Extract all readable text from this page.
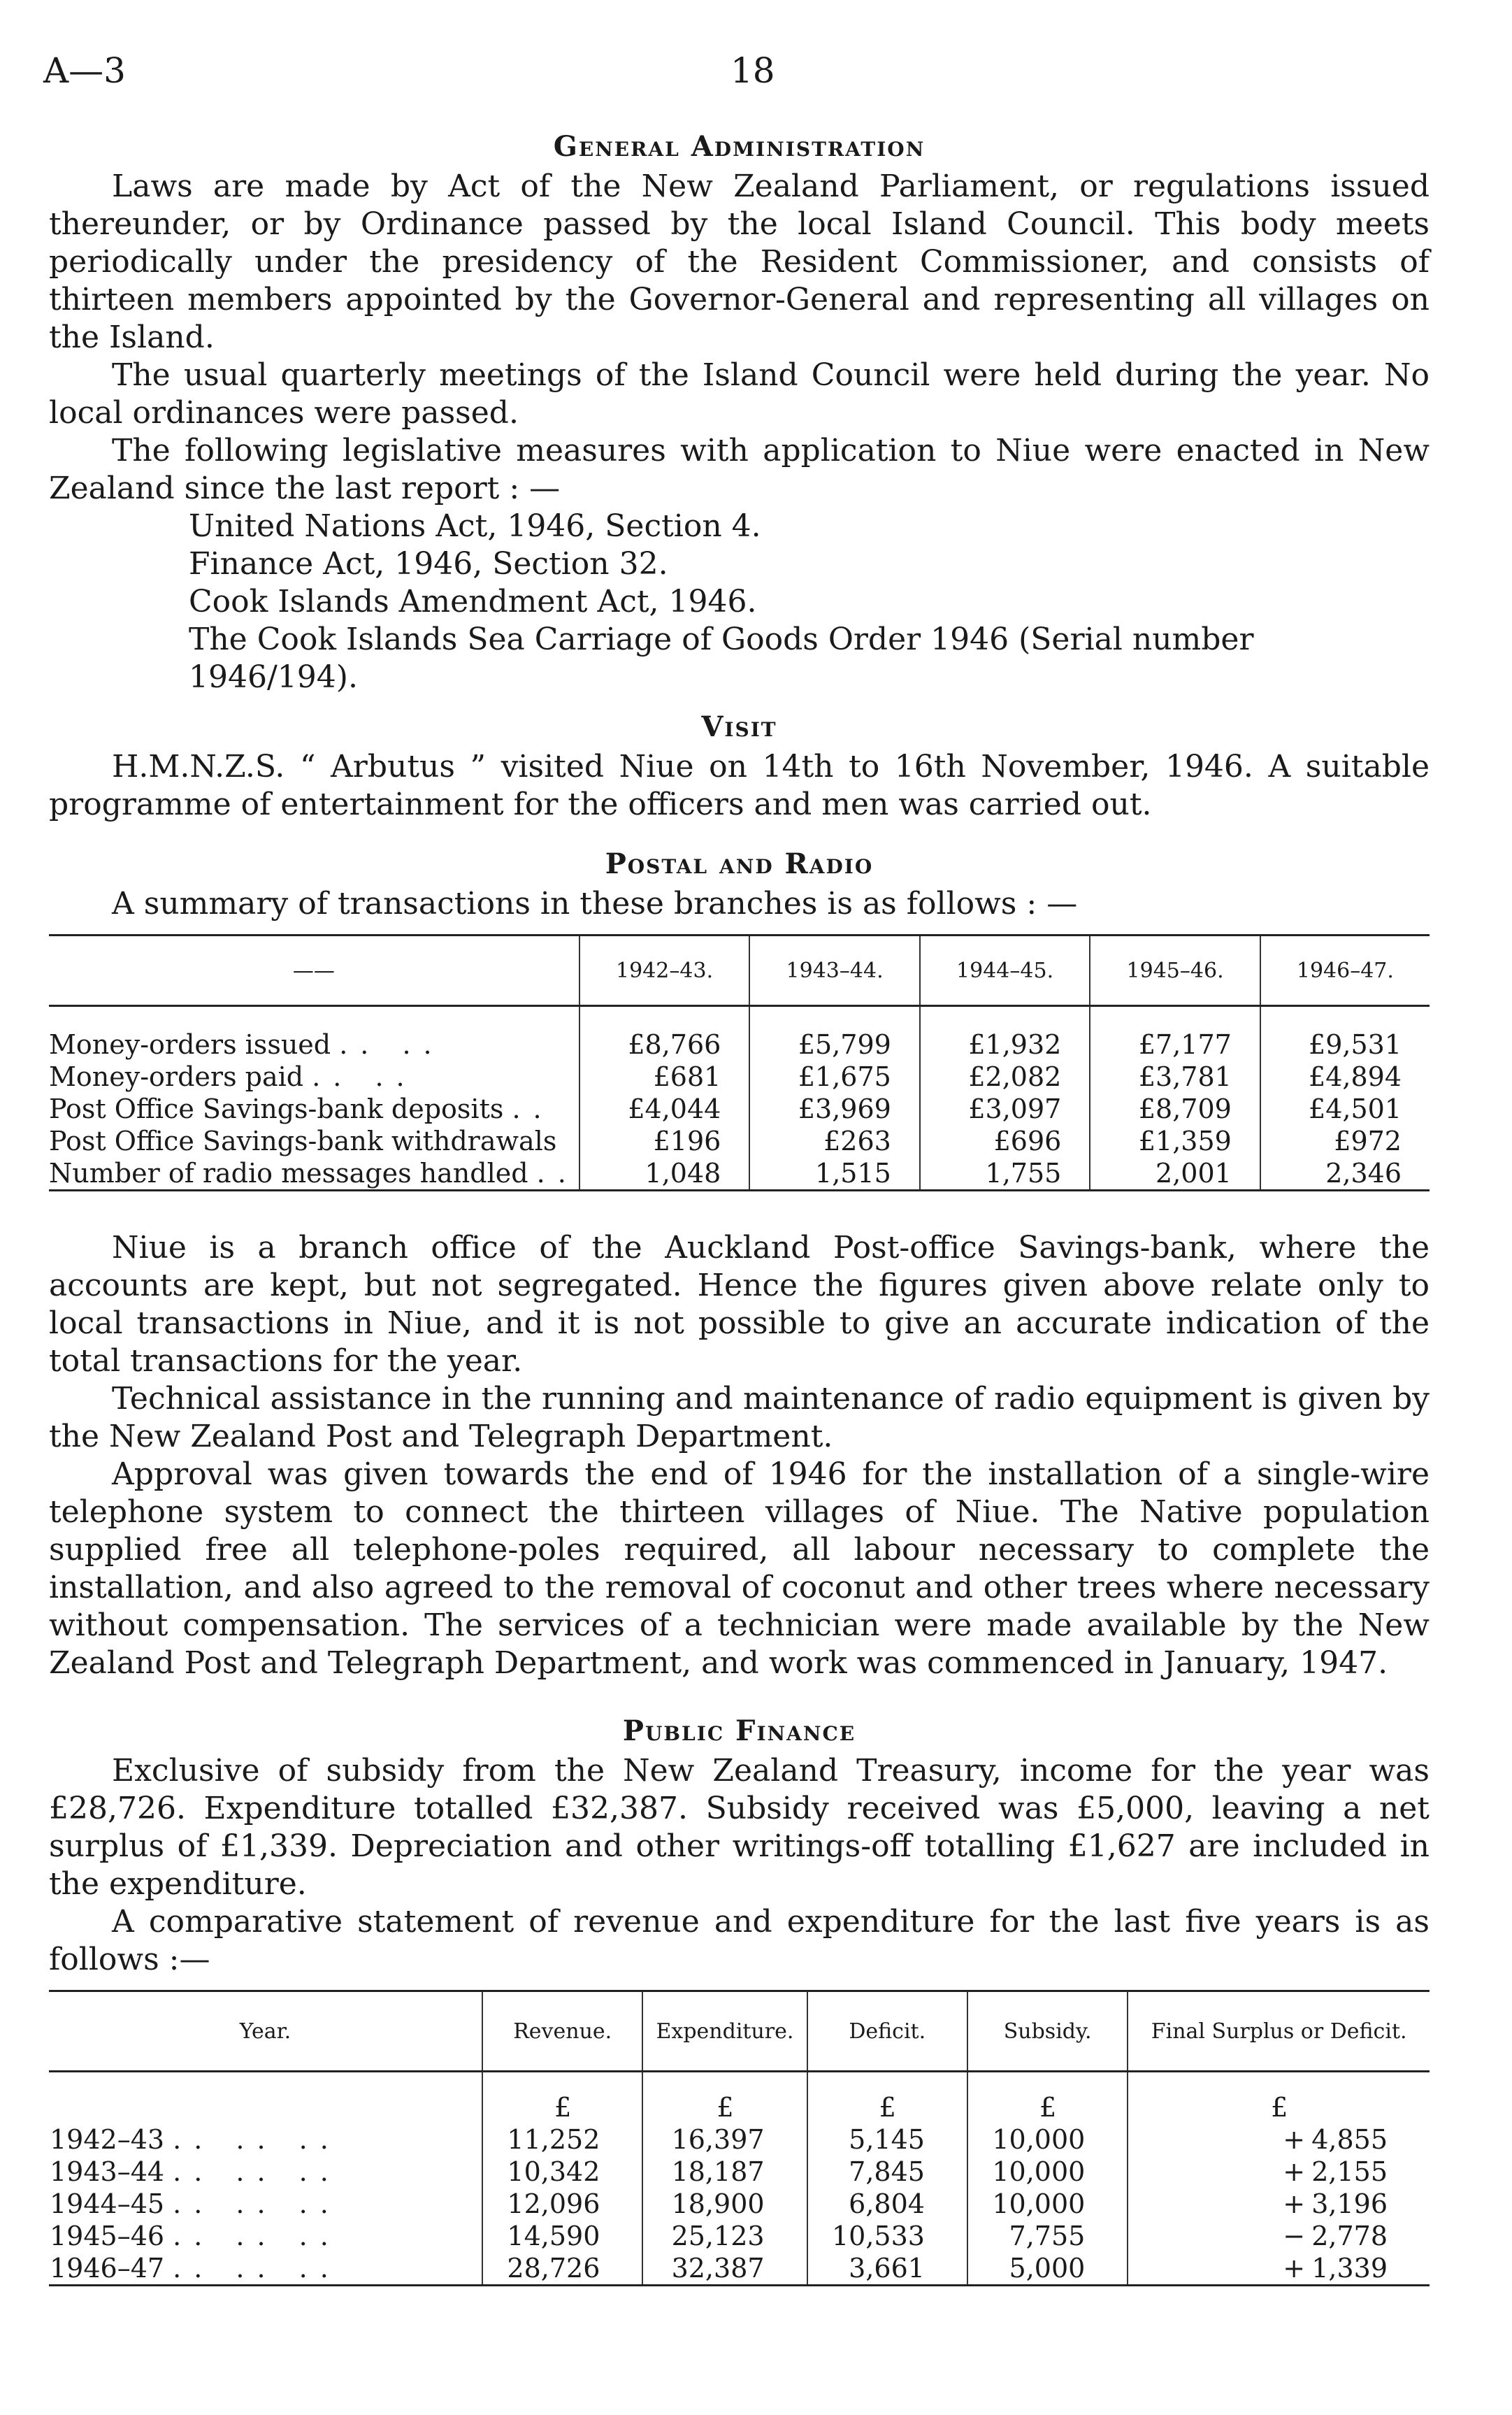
A—3	18
General Administration

Laws are made by Act of the New Zealand Parliament, or regulations issued thereunder, or by Ordinance passed by the local Island Council. This body meets periodically under the presidency of the Resident Commissioner, and consists of thirteen members appointed by the Governor-General and representing all villages on the Island.

The usual quarterly meetings of the Island Council were held during the year. No local ordinances were passed.

The following legislative measures with application to Niue were enacted in New Zealand since the last report : —

United Nations Act, 1946, Section 4.
Finance Act, 1946, Section 32.
Cook Islands Amendment Act, 1946.
The Cook Islands Sea Carriage of Goods Order 1946 (Serial number 1946/194).
Visit

H.M.N.Z.S. “ Arbutus ” visited Niue on 14th to 16th November, 1946. A suitable programme of entertainment for the officers and men was carried out.

Postal and Radio

A summary of transactions in these branches is as follows : —

——	1942–43.	1943–44.	1944–45.	1945–46.	1946–47.
Money-orders issued .. ..	£8,766	£5,799	£1,932	£7,177	£9,531
Money-orders paid .. ..	£681	£1,675	£2,082	£3,781	£4,894
Post Office Savings-bank deposits ..	£4,044	£3,969	£3,097	£8,709	£4,501
Post Office Savings-bank withdrawals	£196	£263	£696	£1,359	£972
Number of radio messages handled ..	1,048	1,515	1,755	2,001	2,346

Niue is a branch office of the Auckland Post-office Savings-bank, where the accounts are kept, but not segregated. Hence the figures given above relate only to local transactions in Niue, and it is not possible to give an accurate indication of the total transactions for the year.

Technical assistance in the running and maintenance of radio equipment is given by the New Zealand Post and Telegraph Department.

Approval was given towards the end of 1946 for the installation of a single-wire telephone system to connect the thirteen villages of Niue. The Native population supplied free all telephone-poles required, all labour necessary to complete the installation, and also agreed to the removal of coconut and other trees where necessary without compensation. The services of a technician were made available by the New Zealand Post and Telegraph Department, and work was commenced in January, 1947.

Public Finance

Exclusive of subsidy from the New Zealand Treasury, income for the year was £28,726. Expenditure totalled £32,387. Subsidy received was £5,000, leaving a net surplus of £1,339. Depreciation and other writings-off totalling £1,627 are included in the expenditure.

A comparative statement of revenue and expenditure for the last five years is as follows :—

Year.	Revenue.	Expenditure.	Deficit.	Subsidy.	Final Surplus or Deficit.
	£	£	£	£	£
1942–43 .. .. ..	11,252	16,397	5,145	10,000	+ 4,855
1943–44 .. .. ..	10,342	18,187	7,845	10,000	+ 2,155
1944–45 .. .. ..	12,096	18,900	6,804	10,000	+ 3,196
1945–46 .. .. ..	14,590	25,123	10,533	7,755	− 2,778
1946–47 .. .. ..	28,726	32,387	3,661	5,000	+ 1,339
